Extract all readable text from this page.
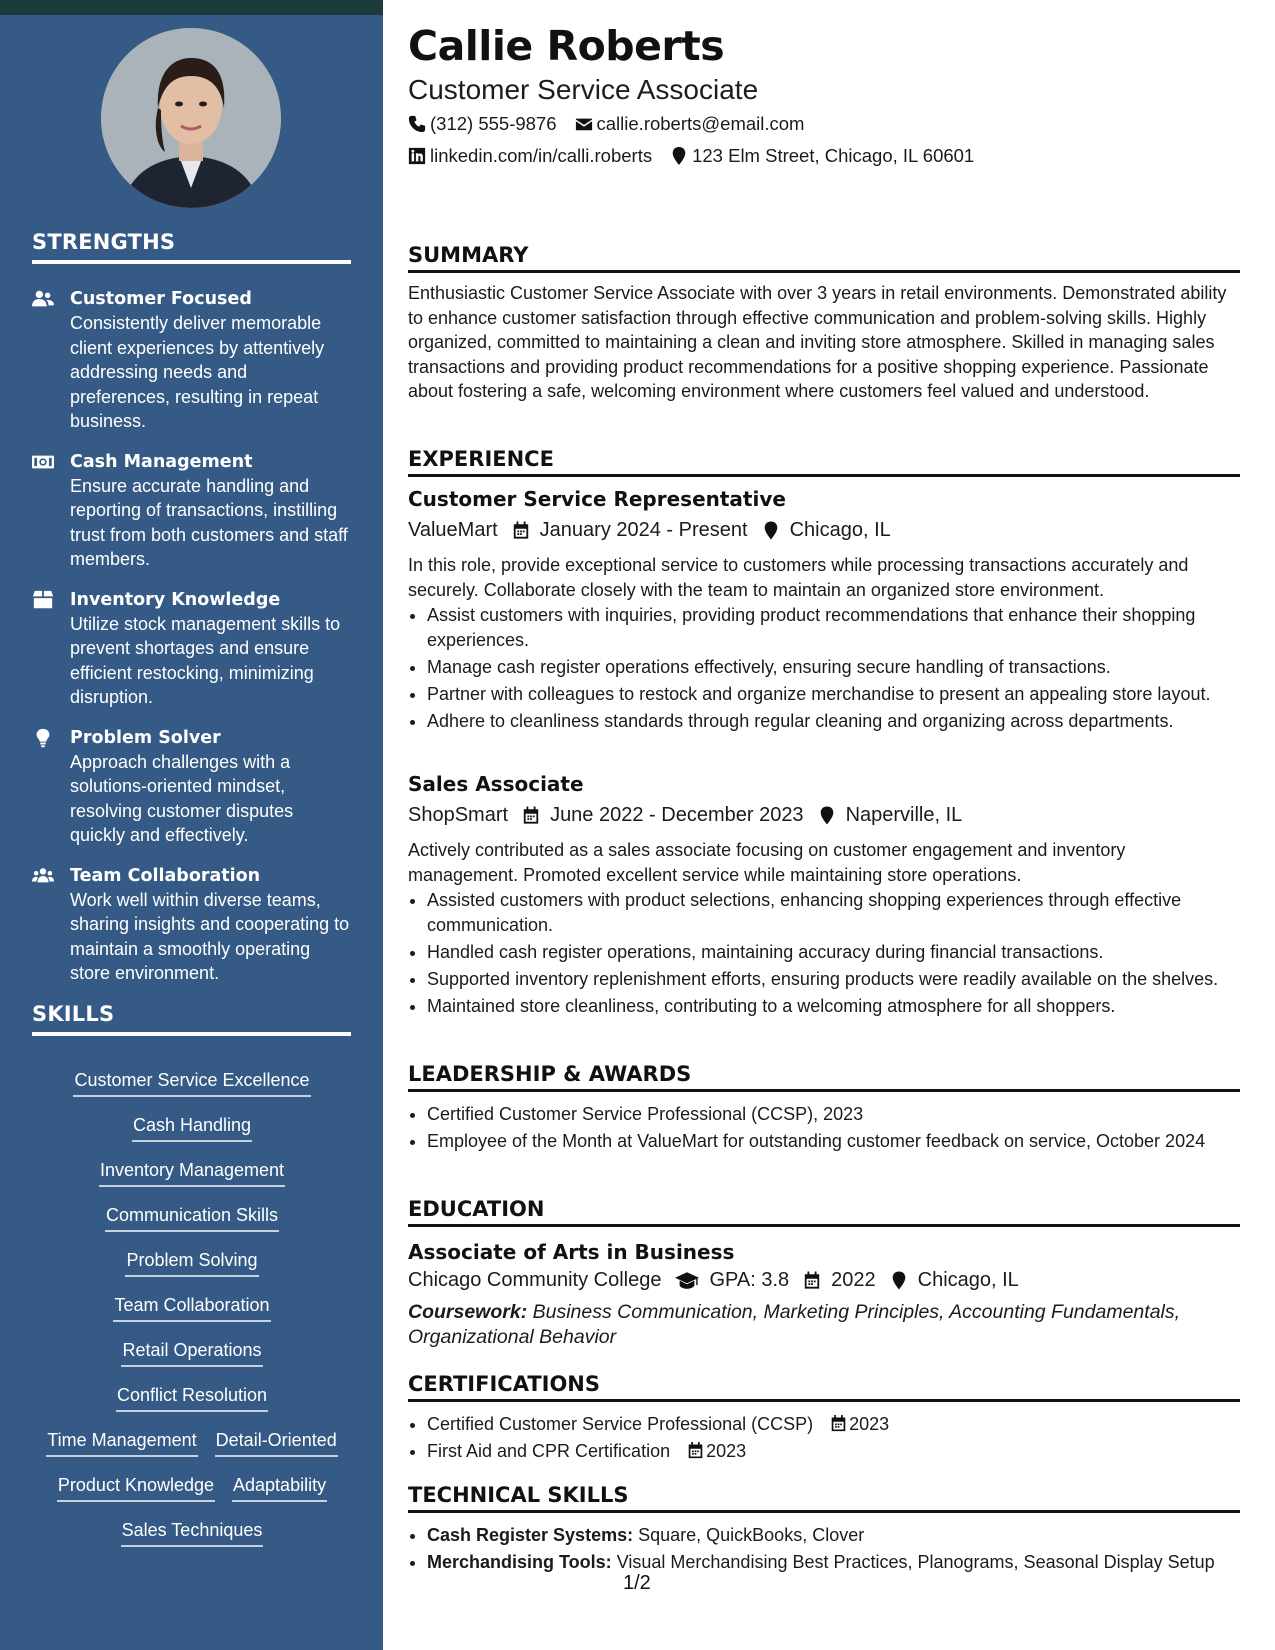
STRENGTHS
Customer Focused
Consistently deliver memorable client experiences by attentively addressing needs and preferences, resulting in repeat business.
Cash Management
Ensure accurate handling and reporting of transactions, instilling trust from both customers and staff members.
Inventory Knowledge
Utilize stock management skills to prevent shortages and ensure efficient restocking, minimizing disruption.
Problem Solver
Approach challenges with a solutions-oriented mindset, resolving customer disputes quickly and effectively.
Team Collaboration
Work well within diverse teams, sharing insights and cooperating to maintain a smoothly operating store environment.
SKILLS
Customer Service Excellence
Cash Handling
Inventory Management
Communication Skills
Problem Solving
Team Collaboration
Retail Operations
Conflict Resolution
Time Management Detail-Oriented
Product Knowledge Adaptability
Sales Techniques
Callie Roberts
Customer Service Associate
(312) 555-9876 callie.roberts@email.com
linkedin.com/in/calli.roberts 123 Elm Street, Chicago, IL 60601
SUMMARY
Enthusiastic Customer Service Associate with over 3 years in retail environments. Demonstrated ability to enhance customer satisfaction through effective communication and problem-solving skills. Highly organized, committed to maintaining a clean and inviting store atmosphere. Skilled in managing sales transactions and providing product recommendations for a positive shopping experience. Passionate about fostering a safe, welcoming environment where customers feel valued and understood.
EXPERIENCE
Customer Service Representative
ValueMart January 2024 - Present Chicago, IL
In this role, provide exceptional service to customers while processing transactions accurately and securely. Collaborate closely with the team to maintain an organized store environment.
• Assist customers with inquiries, providing product recommendations that enhance their shopping experiences.
• Manage cash register operations effectively, ensuring secure handling of transactions.
• Partner with colleagues to restock and organize merchandise to present an appealing store layout.
• Adhere to cleanliness standards through regular cleaning and organizing across departments.
Sales Associate
ShopSmart June 2022 - December 2023 Naperville, IL
Actively contributed as a sales associate focusing on customer engagement and inventory management. Promoted excellent service while maintaining store operations.
• Assisted customers with product selections, enhancing shopping experiences through effective communication.
• Handled cash register operations, maintaining accuracy during financial transactions.
• Supported inventory replenishment efforts, ensuring products were readily available on the shelves.
• Maintained store cleanliness, contributing to a welcoming atmosphere for all shoppers.
LEADERSHIP & AWARDS
• Certified Customer Service Professional (CCSP), 2023
• Employee of the Month at ValueMart for outstanding customer feedback on service, October 2024
EDUCATION
Associate of Arts in Business
Chicago Community College GPA: 3.8 2022 Chicago, IL
Coursework: Business Communication, Marketing Principles, Accounting Fundamentals, Organizational Behavior
CERTIFICATIONS
• Certified Customer Service Professional (CCSP) 2023
• First Aid and CPR Certification 2023
TECHNICAL SKILLS
• Cash Register Systems: Square, QuickBooks, Clover
• Merchandising Tools: Visual Merchandising Best Practices, Planograms, Seasonal Display Setup
1/2
